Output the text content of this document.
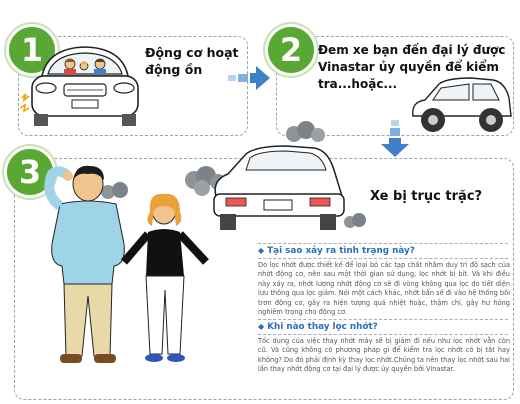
1	Động cơ hoạt động ồn
2	Đem xe bạn đến đại lý được Vinastar ủy quyền để kiểm tra...hoặc...
3
Xe bị trục trặc?
◆ Tại sao xảy ra tình trạng này?
Do lọc nhớt được thiết kế để loại bỏ các tạp chất nhằm duy trì độ sạch của nhớt động cơ, nên sau một thời gian sử dụng, lọc nhớt bị bít. Và khi điều này xảy ra, nhớt lượng nhớt động cơ sẽ đi vòng không qua lọc do tiết diện lưu thông qua lọc giảm. Nói một cách khác, nhớt bẩn sẽ đi vào hệ thống bôi trơn động cơ, gây ra hiện tượng quá nhiệt hoặc, thậm chí, gây hư hỏng nghiêm trọng cho động cơ.
◆ Khi nào thay lọc nhớt?
Tốc dụng của việc thay nhớt máy sẽ bị giảm đi nếu như lọc nhớt vẫn còn cũ. Và cũng không có phương pháp gì để kiểm tra lọc nhớt có bị tắt hay không? Do đó phải định kỳ thay lọc nhớt.Chúng ta nên thay lọc nhớt sau hai lần thay nhớt động cơ tại đại lý được ủy quyền bởi Vinastar.
